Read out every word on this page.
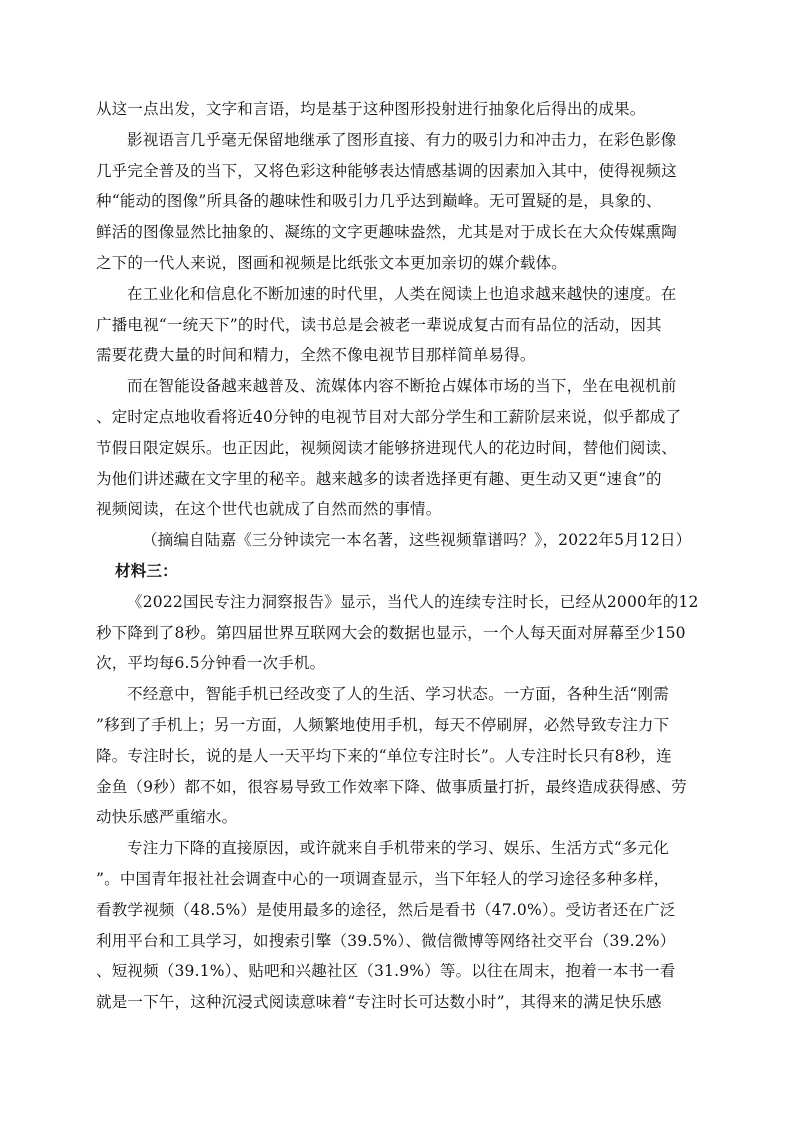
从这一点出发，文字和言语，均是基于这种图形投射进行抽象化后得出的成果。
影视语言几乎毫无保留地继承了图形直接、有力的吸引力和冲击力，在彩色影像
几乎完全普及的当下，又将色彩这种能够表达情感基调的因素加入其中，使得视频这
种“能动的图像”所具备的趣味性和吸引力几乎达到巅峰。无可置疑的是，具象的、
鲜活的图像显然比抽象的、凝练的文字更趣味盎然，尤其是对于成长在大众传媒熏陶
之下的一代人来说，图画和视频是比纸张文本更加亲切的媒介载体。
在工业化和信息化不断加速的时代里，人类在阅读上也追求越来越快的速度。在
广播电视“一统天下”的时代，读书总是会被老一辈说成复古而有品位的活动，因其
需要花费大量的时间和精力，全然不像电视节目那样简单易得。
而在智能设备越来越普及、流媒体内容不断抢占媒体市场的当下，坐在电视机前
、定时定点地收看将近40分钟的电视节目对大部分学生和工薪阶层来说，似乎都成了
节假日限定娱乐。也正因此，视频阅读才能够挤进现代人的花边时间，替他们阅读、
为他们讲述藏在文字里的秘辛。越来越多的读者选择更有趣、更生动又更“速食”的
视频阅读，在这个世代也就成了自然而然的事情。
（摘编自陆嘉《三分钟读完一本名著，这些视频靠谱吗？》，2022年5月12日）
材料三：
《2022国民专注力洞察报告》显示，当代人的连续专注时长，已经从2000年的12
秒下降到了8秒。第四届世界互联网大会的数据也显示，一个人每天面对屏幕至少150
次，平均每6.5分钟看一次手机。
不经意中，智能手机已经改变了人的生活、学习状态。一方面，各种生活“刚需
”移到了手机上；另一方面，人频繁地使用手机，每天不停刷屏，必然导致专注力下
降。专注时长，说的是人一天平均下来的“单位专注时长”。人专注时长只有8秒，连
金鱼（9秒）都不如，很容易导致工作效率下降、做事质量打折，最终造成获得感、劳
动快乐感严重缩水。
专注力下降的直接原因，或许就来自手机带来的学习、娱乐、生活方式“多元化
”。中国青年报社社会调查中心的一项调查显示，当下年轻人的学习途径多种多样，
看教学视频（48.5%）是使用最多的途径，然后是看书（47.0%）。受访者还在广泛
利用平台和工具学习，如搜索引擎（39.5%）、微信微博等网络社交平台（39.2%）
、短视频（39.1%）、贴吧和兴趣社区（31.9%）等。以往在周末，抱着一本书一看
就是一下午，这种沉浸式阅读意味着“专注时长可达数小时”，其得来的满足快乐感
